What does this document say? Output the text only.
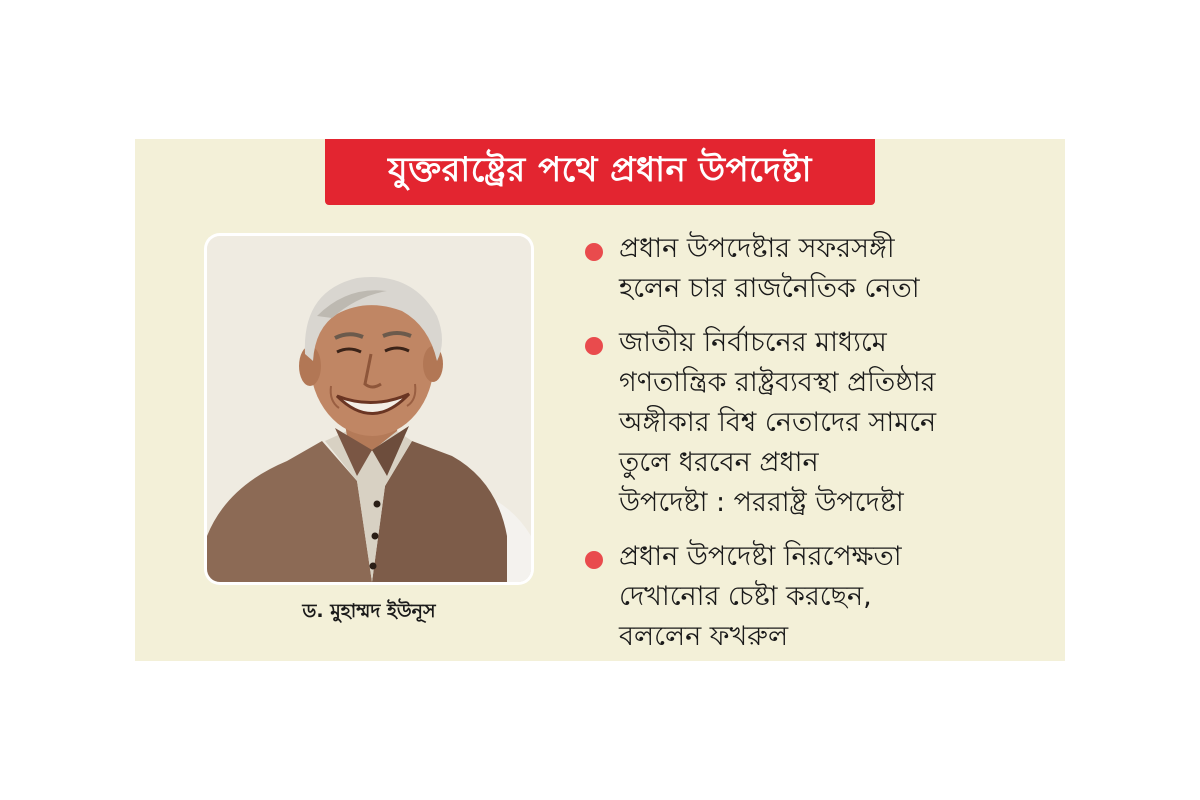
যুক্তরাষ্ট্রের পথে প্রধান উপদেষ্টা
ড. মুহাম্মদ ইউনূস
প্রধান উপদেষ্টার সফরসঙ্গী
হলেন চার রাজনৈতিক নেতা
জাতীয় নির্বাচনের মাধ্যমে
গণতান্ত্রিক রাষ্ট্রব্যবস্থা প্রতিষ্ঠার
অঙ্গীকার বিশ্ব নেতাদের সামনে
তুলে ধরবেন প্রধান
উপদেষ্টা : পররাষ্ট্র উপদেষ্টা
প্রধান উপদেষ্টা নিরপেক্ষতা
দেখানোর চেষ্টা করছেন,
বললেন ফখরুল
